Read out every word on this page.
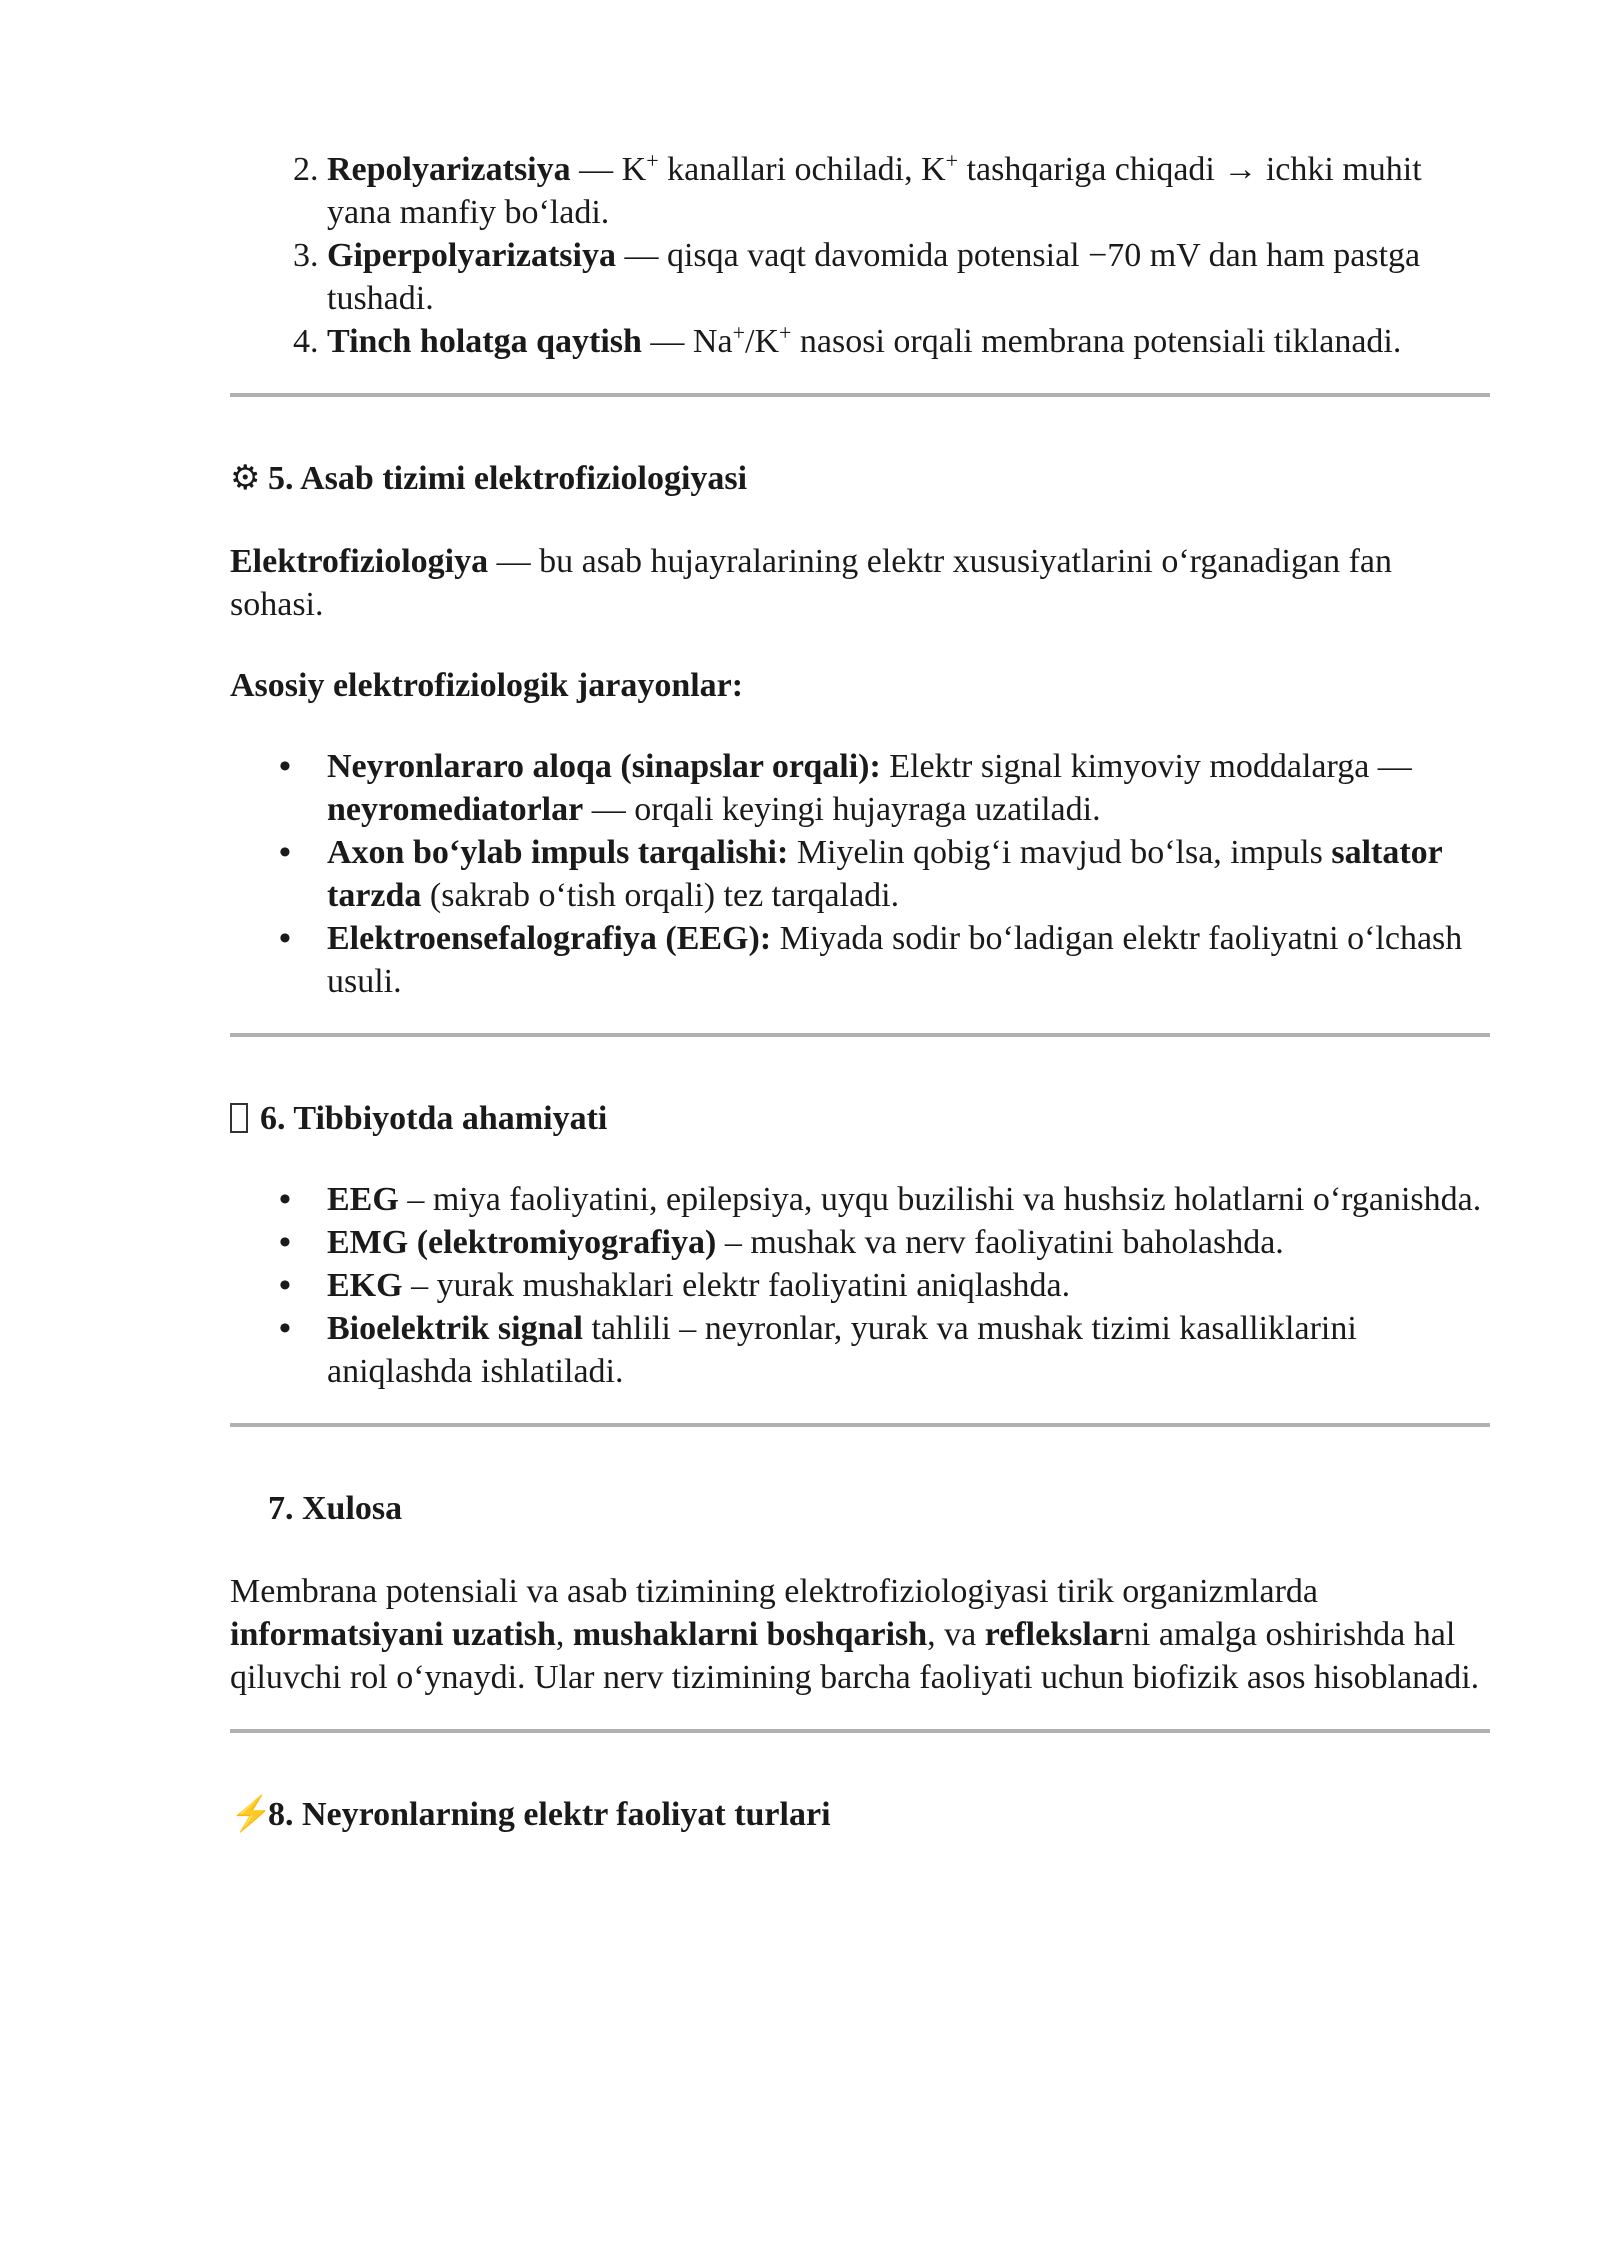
2. Repolyarizatsiya — K+ kanallari ochiladi, K+ tashqariga chiqadi → ichki muhit yana manfiy bo‘ladi.
3. Giperpolyarizatsiya — qisqa vaqt davomida potensial −70 mV dan ham pastga tushadi.
4. Tinch holatga qaytish — Na+/K+ nasosi orqali membrana potensiali tiklanadi.
⚙ 5. Asab tizimi elektrofiziologiyasi

Elektrofiziologiya — bu asab hujayralarining elektr xususiyatlarini o‘rganadigan fan sohasi.

Asosiy elektrofiziologik jarayonlar:

• Neyronlararo aloqa (sinapslar orqali): Elektr signal kimyoviy moddalarga — neyromediatorlar — orqali keyingi hujayraga uzatiladi.
• Axon bo‘ylab impuls tarqalishi: Miyelin qobig‘i mavjud bo‘lsa, impuls saltator tarzda (sakrab o‘tish orqali) tez tarqaladi.
• Elektroensefalografiya (EEG): Miyada sodir bo‘ladigan elektr faoliyatni o‘lchash usuli.
6. Tibbiyotda ahamiyati
• EEG – miya faoliyatini, epilepsiya, uyqu buzilishi va hushsiz holatlarni o‘rganishda.
• EMG (elektromiyografiya) – mushak va nerv faoliyatini baholashda.
• EKG – yurak mushaklari elektr faoliyatini aniqlashda.
• Bioelektrik signal tahlili – neyronlar, yurak va mushak tizimi kasalliklarini aniqlashda ishlatiladi.
7. Xulosa

Membrana potensiali va asab tizimining elektrofiziologiyasi tirik organizmlarda informatsiyani uzatish, mushaklarni boshqarish, va reflekslarni amalga oshirishda hal qiluvchi rol o‘ynaydi. Ular nerv tizimining barcha faoliyati uchun biofizik asos hisoblanadi.

⚡8. Neyronlarning elektr faoliyat turlari
